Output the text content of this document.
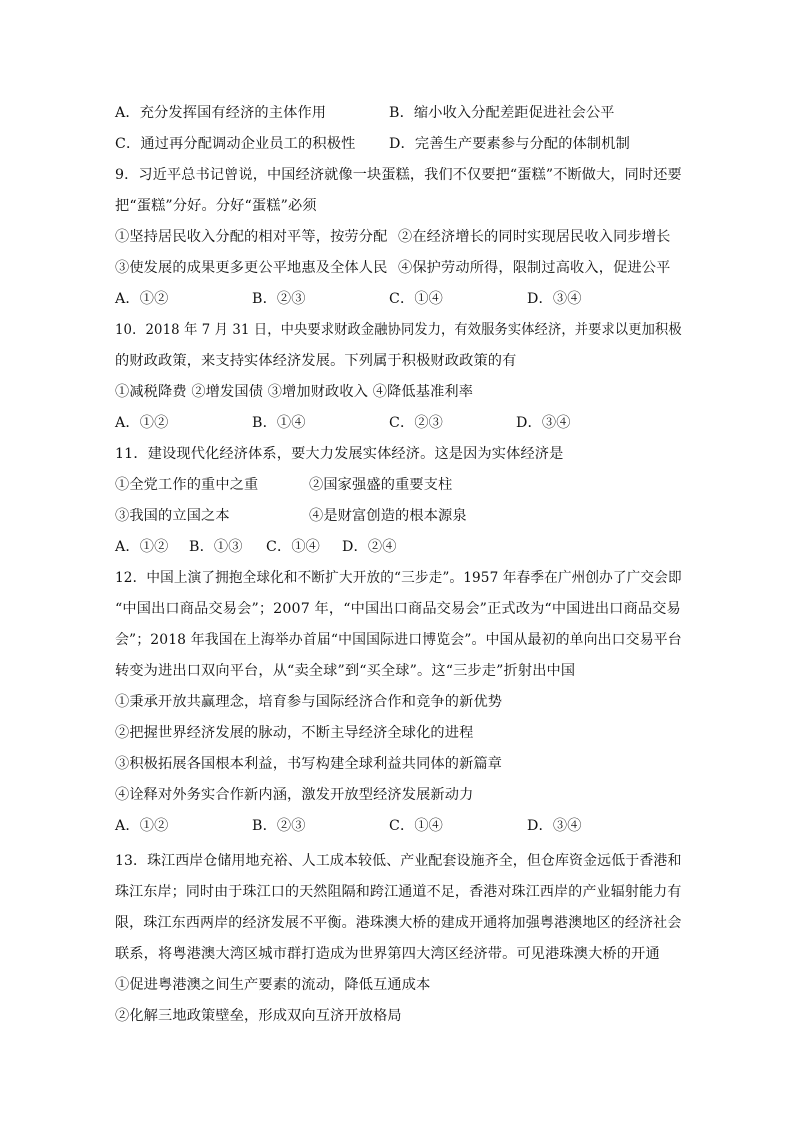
A．充分发挥国有经济的主体作用	B．缩小收入分配差距促进社会公平
C．通过再分配调动企业员工的积极性 D．完善生产要素参与分配的体制机制
9．习近平总书记曾说，中国经济就像一块蛋糕，我们不仅要把“蛋糕”不断做大，同时还要
把“蛋糕”分好。分好“蛋糕”必须
①坚持居民收入分配的相对平等，按劳分配 ②在经济增长的同时实现居民收入同步增长
③使发展的成果更多更公平地惠及全体人民 ④保护劳动所得，限制过高收入，促进公平
A．①②	B．②③	C．①④	D．③④
10．2018 年 7 月 31 日，中央要求财政金融协同发力，有效服务实体经济，并要求以更加积极
的财政政策，来支持实体经济发展。下列属于积极财政政策的有
①减税降费 ②增发国债 ③增加财政收入 ④降低基准利率
A．①②	B．①④	C．②③	D．③④
11．建设现代化经济体系，要大力发展实体经济。这是因为实体经济是
①全党工作的重中之重	②国家强盛的重要支柱
③我国的立国之本	④是财富创造的根本源泉
A．①② B．①③ C．①④ D．②④
12．中国上演了拥抱全球化和不断扩大开放的“三步走”。1957 年春季在广州创办了广交会即
“中国出口商品交易会”；2007 年，“中国出口商品交易会”正式改为“中国进出口商品交易
会”；2018 年我国在上海举办首届“中国国际进口博览会”。中国从最初的单向出口交易平台
转变为进出口双向平台，从“卖全球”到“买全球”。这“三步走”折射出中国
①秉承开放共赢理念，培育参与国际经济合作和竞争的新优势
②把握世界经济发展的脉动，不断主导经济全球化的进程
③积极拓展各国根本利益，书写构建全球利益共同体的新篇章
④诠释对外务实合作新内涵，激发开放型经济发展新动力
A．①②	B．②③	C．①④	D．③④
13．珠江西岸仓储用地充裕、人工成本较低、产业配套设施齐全，但仓库资金远低于香港和
珠江东岸；同时由于珠江口的天然阻隔和跨江通道不足，香港对珠江西岸的产业辐射能力有
限，珠江东西两岸的经济发展不平衡。港珠澳大桥的建成开通将加强粤港澳地区的经济社会
联系，将粤港澳大湾区城市群打造成为世界第四大湾区经济带。可见港珠澳大桥的开通
①促进粤港澳之间生产要素的流动，降低互通成本
②化解三地政策壁垒，形成双向互济开放格局
